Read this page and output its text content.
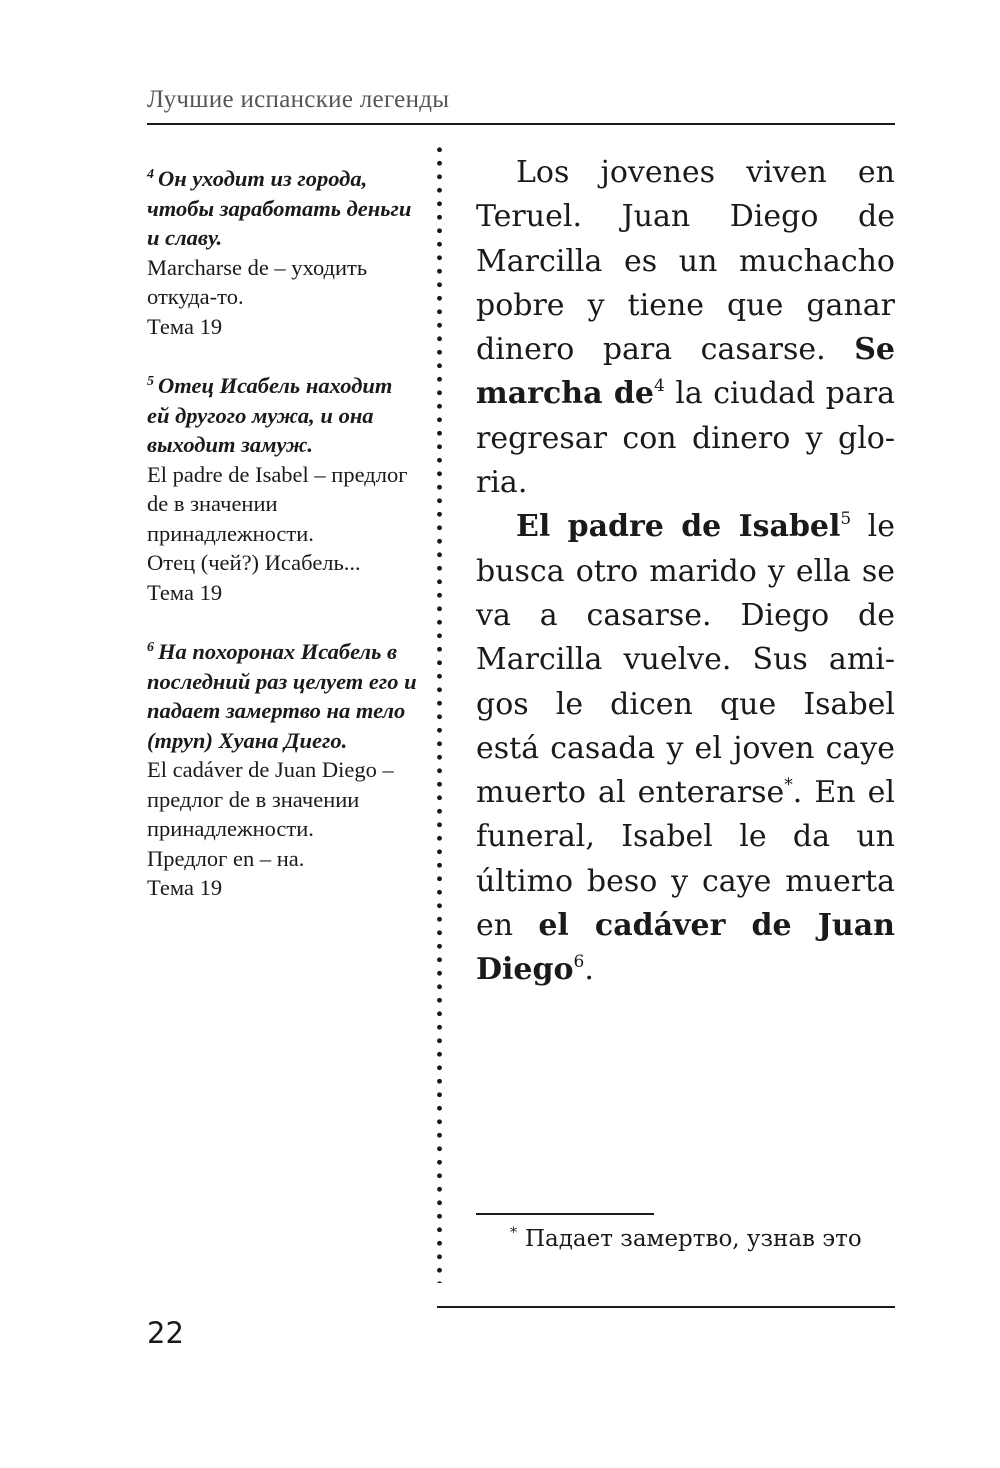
Лучшие испанские легенды
$^4$ Он уходит из города, чтобы заработать деньги и славу.
Marcharse de – уходить откуда-то.
Тема 19
$^5$ Отец Исабель находит ей другого мужа, и она выходит замуж.
El padre de Isabel – предлог de в значении принадлежности.
Отец (чей?) Исабель...
Тема 19
$^6$ На похоронах Исабель в последний раз целует его и падает замертво на тело (труп) Хуана Диего.
El cadáver de Juan Diego – предлог de в значении принадлежности.
Предлог en – на.
Тема 19

Los jovenes viven en Teruel. Juan Diego de Marcilla es un muchacho pobre y tiene que ganar dinero para casarse. Se marcha $de^4$ la ciudad para regresar con dinero y gloria.

El padre de Isabel$^5$ le busca otro marido y ella se va a casarse. Diego de Marcilla vuelve. Sus amigos le dicen que Isabel está casada y el joven caye muerto al enterarse*. En el funeral, Isabel le da un último beso y caye muerta en el cadáver de Juan Diego$^6$.

* Падает замертво, узнав это

22
